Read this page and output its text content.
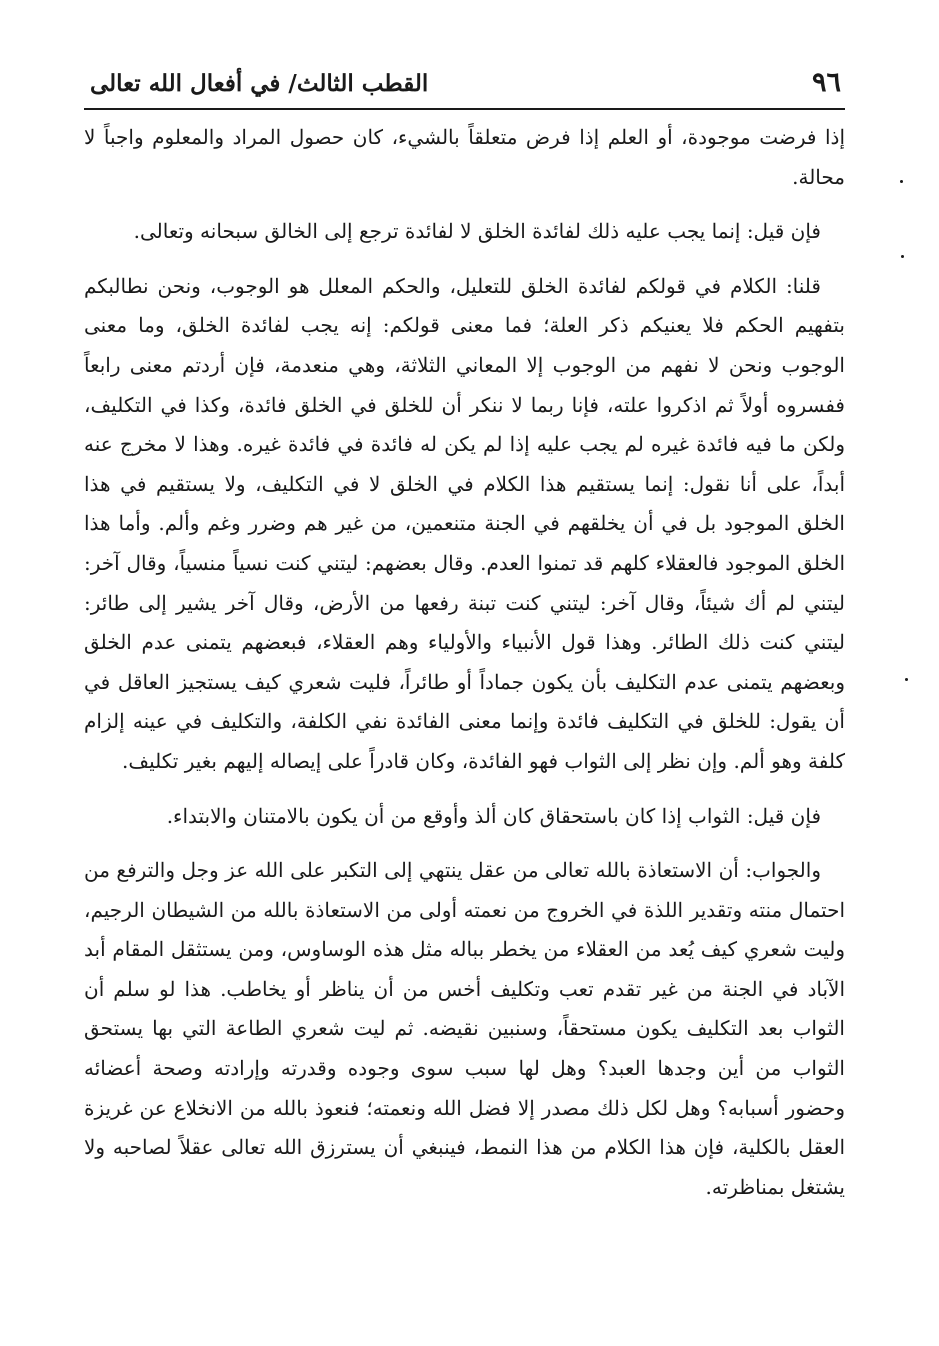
٩٦
القطب الثالث/ في أفعال الله تعالى

إذا فرضت موجودة، أو العلم إذا فرض متعلقاً بالشيء، كان حصول المراد والمعلوم واجباً لا محالة.

فإن قيل: إنما يجب عليه ذلك لفائدة الخلق لا لفائدة ترجع إلى الخالق سبحانه وتعالى.

قلنا: الكلام في قولكم لفائدة الخلق للتعليل، والحكم المعلل هو الوجوب، ونحن نطالبكم بتفهيم الحكم فلا يعنيكم ذكر العلة؛ فما معنى قولكم: إنه يجب لفائدة الخلق، وما معنى الوجوب ونحن لا نفهم من الوجوب إلا المعاني الثلاثة، وهي منعدمة، فإن أردتم معنى رابعاً ففسروه أولاً ثم اذكروا علته، فإنا ربما لا ننكر أن للخلق في الخلق فائدة، وكذا في التكليف، ولكن ما فيه فائدة غيره لم يجب عليه إذا لم يكن له فائدة في فائدة غيره. وهذا لا مخرج عنه أبداً، على أنا نقول: إنما يستقيم هذا الكلام في الخلق لا في التكليف، ولا يستقيم في هذا الخلق الموجود بل في أن يخلقهم في الجنة متنعمين، من غير هم وضرر وغم وألم. وأما هذا الخلق الموجود فالعقلاء كلهم قد تمنوا العدم. وقال بعضهم: ليتني كنت نسياً منسياً، وقال آخر: ليتني لم أك شيئاً، وقال آخر: ليتني كنت تبنة رفعها من الأرض، وقال آخر يشير إلى طائر: ليتني كنت ذلك الطائر. وهذا قول الأنبياء والأولياء وهم العقلاء، فبعضهم يتمنى عدم الخلق وبعضهم يتمنى عدم التكليف بأن يكون جماداً أو طائراً، فليت شعري كيف يستجيز العاقل في أن يقول: للخلق في التكليف فائدة وإنما معنى الفائدة نفي الكلفة، والتكليف في عينه إلزام كلفة وهو ألم. وإن نظر إلى الثواب فهو الفائدة، وكان قادراً على إيصاله إليهم بغير تكليف.

فإن قيل: الثواب إذا كان باستحقاق كان ألذ وأوقع من أن يكون بالامتنان والابتداء.

والجواب: أن الاستعاذة بالله تعالى من عقل ينتهي إلى التكبر على الله عز وجل والترفع من احتمال منته وتقدير اللذة في الخروج من نعمته أولى من الاستعاذة بالله من الشيطان الرجيم، وليت شعري كيف يُعد من العقلاء من يخطر بباله مثل هذه الوساوس، ومن يستثقل المقام أبد الآباد في الجنة من غير تقدم تعب وتكليف أخس من أن يناظر أو يخاطب. هذا لو سلم أن الثواب بعد التكليف يكون مستحقاً، وسنبين نقيضه. ثم ليت شعري الطاعة التي بها يستحق الثواب من أين وجدها العبد؟ وهل لها سبب سوى وجوده وقدرته وإرادته وصحة أعضائه وحضور أسبابه؟ وهل لكل ذلك مصدر إلا فضل الله ونعمته؛ فنعوذ بالله من الانخلاع عن غريزة العقل بالكلية، فإن هذا الكلام من هذا النمط، فينبغي أن يسترزق الله تعالى عقلاً لصاحبه ولا يشتغل بمناظرته.
